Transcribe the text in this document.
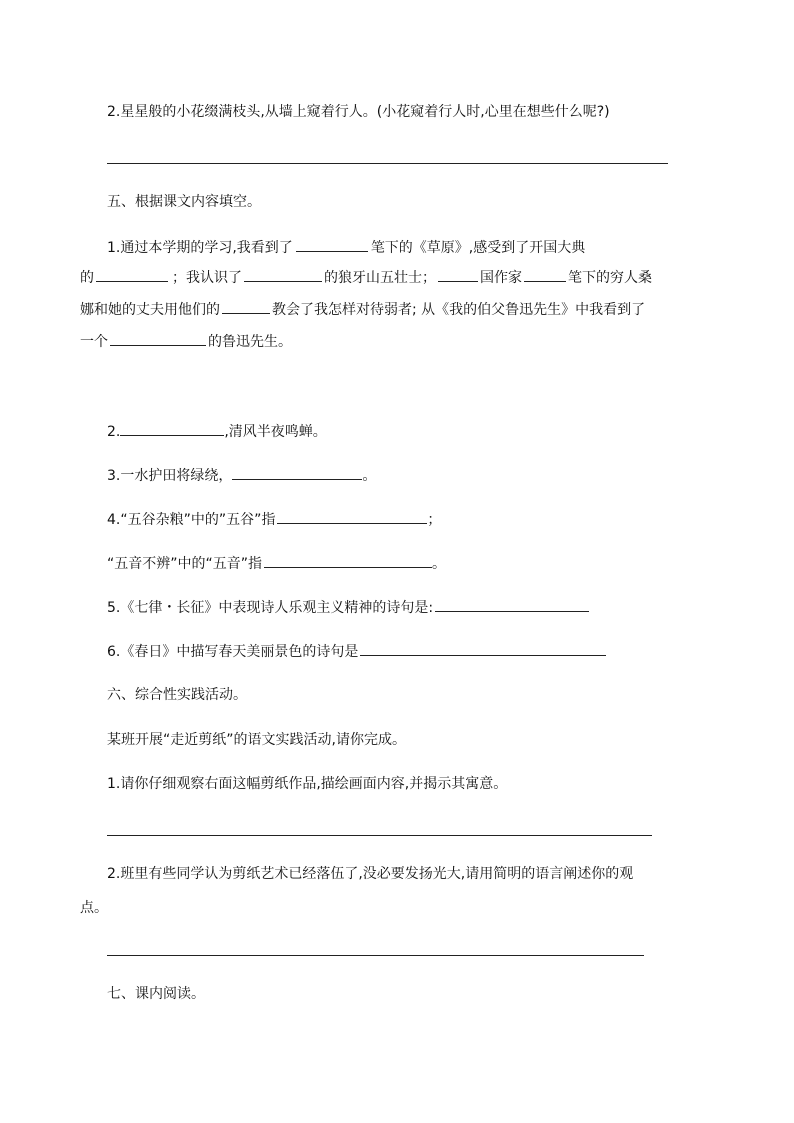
2.星星般的小花缀满枝头,从墙上窥着行人。(小花窥着行人时,心里在想些什么呢?)
五、根据课文内容填空。
1.通过本学期的学习,我看到了	笔下的《草原》,感受到了开国大典
的	；我认识了	的狼牙山五壮士；	国作家	笔下的穷人桑
娜和她的丈夫用他们的	教会了我怎样对待弱者; 从《我的伯父鲁迅先生》中我看到了
一个	的鲁迅先生。
2.	,清风半夜鸣蝉。
3.一水护田将绿绕，	。
4.“五谷杂粮”中的”五谷”指	；
“五音不辨”中的“五音”指	。
5.《七律・长征》中表现诗人乐观主义精神的诗句是:
6.《春日》中描写春天美丽景色的诗句是
六、综合性实践活动。
某班开展“走近剪纸”的语文实践活动,请你完成。
1.请你仔细观察右面这幅剪纸作品,描绘画面内容,并揭示其寓意。
2.班里有些同学认为剪纸艺术已经落伍了,没必要发扬光大,请用简明的语言阐述你的观
点。
七、课内阅读。
